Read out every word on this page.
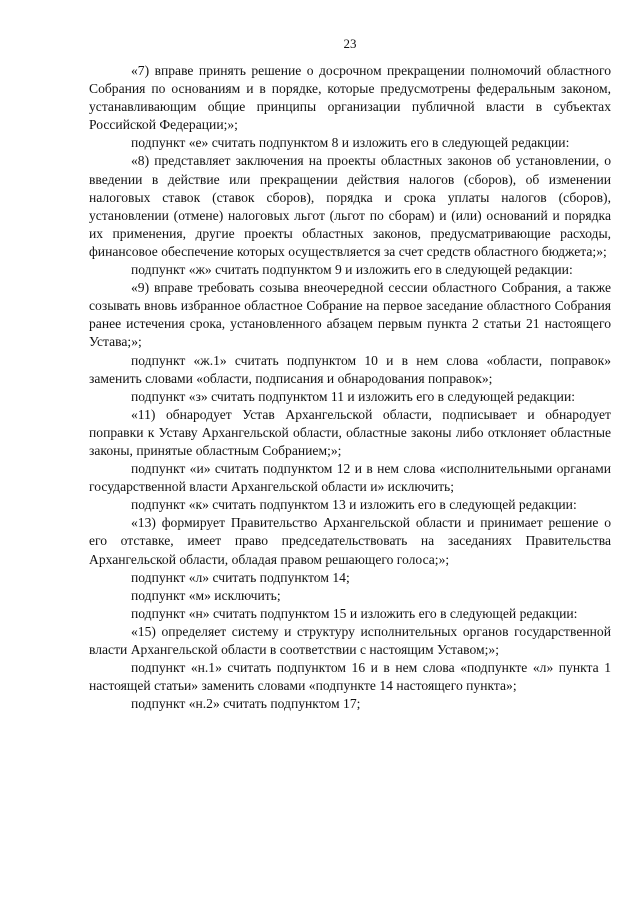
23

«7) вправе принять решение о досрочном прекращении полномочий областного Собрания по основаниям и в порядке, которые предусмотрены федеральным законом, устанавливающим общие принципы организации публичной власти в субъектах Российской Федерации;»;

подпункт «е» считать подпунктом 8 и изложить его в следующей редакции:

«8) представляет заключения на проекты областных законов об установлении, о введении в действие или прекращении действия налогов (сборов), об изменении налоговых ставок (ставок сборов), порядка и срока уплаты налогов (сборов), установлении (отмене) налоговых льгот (льгот по сборам) и (или) оснований и порядка их применения, другие проекты областных законов, предусматривающие расходы, финансовое обеспечение которых осуществляется за счет средств областного бюджета;»;

подпункт «ж» считать подпунктом 9 и изложить его в следующей редакции:

«9) вправе требовать созыва внеочередной сессии областного Собрания, а также созывать вновь избранное областное Собрание на первое заседание областного Собрания ранее истечения срока, установленного абзацем первым пункта 2 статьи 21 настоящего Устава;»;

подпункт «ж.1» считать подпунктом 10 и в нем слова «области, поправок» заменить словами «области, подписания и обнародования поправок»;

подпункт «з» считать подпунктом 11 и изложить его в следующей редакции:

«11) обнародует Устав Архангельской области, подписывает и обнародует поправки к Уставу Архангельской области, областные законы либо отклоняет областные законы, принятые областным Собранием;»;

подпункт «и» считать подпунктом 12 и в нем слова «исполнительными органами государственной власти Архангельской области и» исключить;

подпункт «к» считать подпунктом 13 и изложить его в следующей редакции:

«13) формирует Правительство Архангельской области и принимает решение о его отставке, имеет право председательствовать на заседаниях Правительства Архангельской области, обладая правом решающего голоса;»;

подпункт «л» считать подпунктом 14;

подпункт «м» исключить;

подпункт «н» считать подпунктом 15 и изложить его в следующей редакции:

«15) определяет систему и структуру исполнительных органов государственной власти Архангельской области в соответствии с настоящим Уставом;»;

подпункт «н.1» считать подпунктом 16 и в нем слова «подпункте «л» пункта 1 настоящей статьи» заменить словами «подпункте 14 настоящего пункта»;

подпункт «н.2» считать подпунктом 17;
